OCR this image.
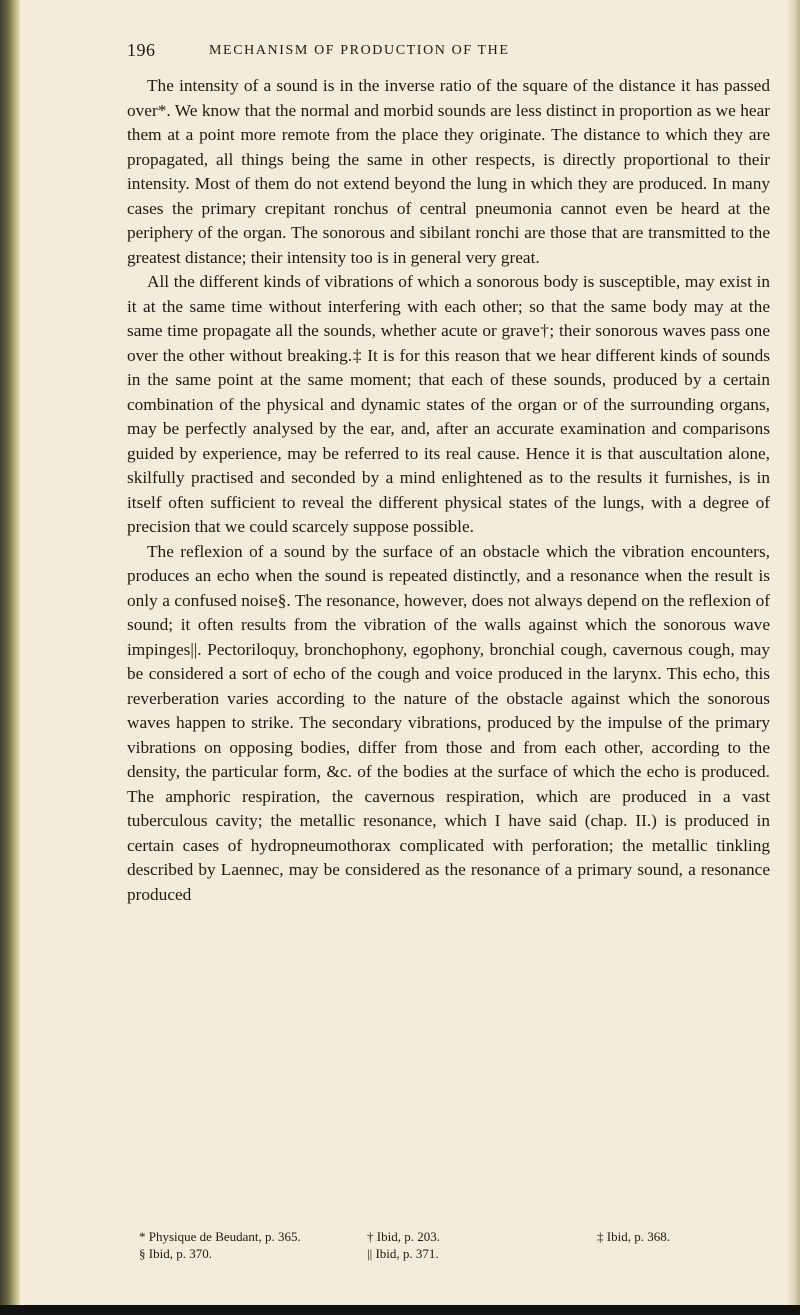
196	MECHANISM OF PRODUCTION OF THE

The intensity of a sound is in the inverse ratio of the square of the distance it has passed over*. We know that the normal and morbid sounds are less distinct in proportion as we hear them at a point more remote from the place they originate. The distance to which they are propagated, all things being the same in other respects, is directly proportional to their intensity. Most of them do not extend beyond the lung in which they are produced. In many cases the primary crepitant ronchus of central pneumonia cannot even be heard at the periphery of the organ. The sonorous and sibilant ronchi are those that are transmitted to the greatest distance; their intensity too is in general very great.

All the different kinds of vibrations of which a sonorous body is susceptible, may exist in it at the same time without interfering with each other; so that the same body may at the same time propagate all the sounds, whether acute or grave†; their sonorous waves pass one over the other without breaking.‡ It is for this reason that we hear different kinds of sounds in the same point at the same moment; that each of these sounds, produced by a certain combination of the physical and dynamic states of the organ or of the surrounding organs, may be perfectly analysed by the ear, and, after an accurate examination and comparisons guided by experience, may be referred to its real cause. Hence it is that auscultation alone, skilfully practised and seconded by a mind enlightened as to the results it furnishes, is in itself often sufficient to reveal the different physical states of the lungs, with a degree of precision that we could scarcely suppose possible.

The reflexion of a sound by the surface of an obstacle which the vibration encounters, produces an echo when the sound is repeated distinctly, and a resonance when the result is only a confused noise§. The resonance, however, does not always depend on the reflexion of sound; it often results from the vibration of the walls against which the sonorous wave impinges||. Pectoriloquy, bronchophony, egophony, bronchial cough, cavernous cough, may be considered a sort of echo of the cough and voice produced in the larynx. This echo, this reverberation varies according to the nature of the obstacle against which the sonorous waves happen to strike. The secondary vibrations, produced by the impulse of the primary vibrations on opposing bodies, differ from those and from each other, according to the density, the particular form, &c. of the bodies at the surface of which the echo is produced. The amphoric respiration, the cavernous respiration, which are produced in a vast tuberculous cavity; the metallic resonance, which I have said (chap. II.) is produced in certain cases of hydropneumothorax complicated with perforation; the metallic tinkling described by Laennec, may be considered as the resonance of a primary sound, a resonance produced

* Physique de Beudant, p. 365.	† Ibid, p. 203.	‡ Ibid, p. 368.
§ Ibid, p. 370.	|| Ibid, p. 371.
